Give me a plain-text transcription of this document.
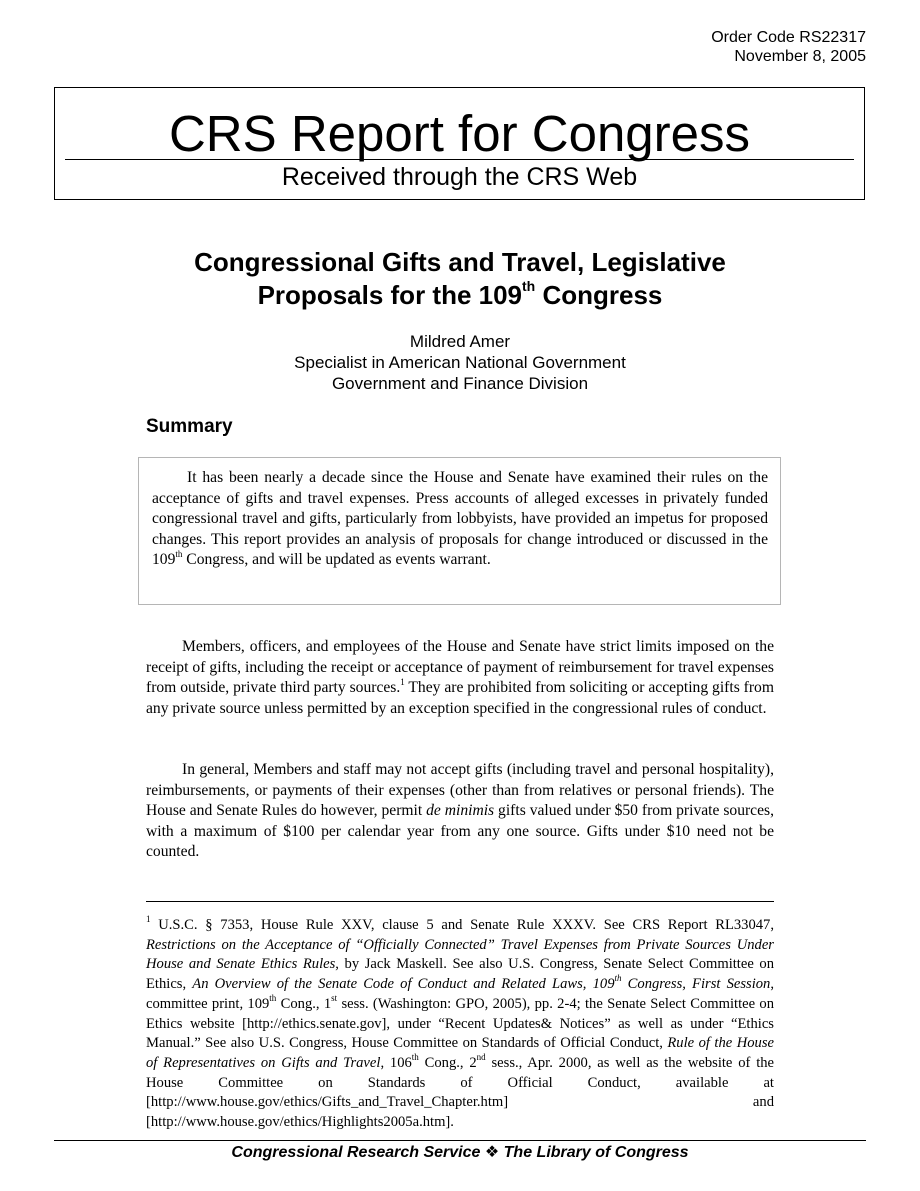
Order Code RS22317
November 8, 2005
CRS Report for Congress
Received through the CRS Web
Congressional Gifts and Travel, Legislative
Proposals for the 109th Congress
Mildred Amer
Specialist in American National Government
Government and Finance Division
Summary

It has been nearly a decade since the House and Senate have examined their rules on the acceptance of gifts and travel expenses. Press accounts of alleged excesses in privately funded congressional travel and gifts, particularly from lobbyists, have provided an impetus for proposed changes. This report provides an analysis of proposals for change introduced or discussed in the 109th Congress, and will be updated as events warrant.

Members, officers, and employees of the House and Senate have strict limits imposed on the receipt of gifts, including the receipt or acceptance of payment of reimbursement for travel expenses from outside, private third party sources.$^1$ They are prohibited from soliciting or accepting gifts from any private source unless permitted by an exception specified in the congressional rules of conduct.

In general, Members and staff may not accept gifts (including travel and personal hospitality), reimbursements, or payments of their expenses (other than from relatives or personal friends). The House and Senate Rules do however, permit de minimis gifts valued under $50 from private sources, with a maximum of $100 per calendar year from any one source. Gifts under $10 need not be counted.

$^1$ U.S.C. § 7353, House Rule XXV, clause 5 and Senate Rule XXXV. See CRS Report RL33047, Restrictions on the Acceptance of “Officially Connected” Travel Expenses from Private Sources Under House and Senate Ethics Rules, by Jack Maskell. See also U.S. Congress, Senate Select Committee on Ethics, An Overview of the Senate Code of Conduct and Related Laws, 109th Congress, First Session, committee print, 109th Cong., 1st sess. (Washington: GPO, 2005), pp. 2-4; the Senate Select Committee on Ethics website [http://ethics.senate.gov], under “Recent Updates& Notices” as well as under “Ethics Manual.” See also U.S. Congress, House Committee on Standards of Official Conduct, Rule of the House of Representatives on Gifts and Travel, 106th Cong., 2nd sess., Apr. 2000, as well as the website of the House Committee on Standards of Official Conduct, available at [http://www.house.gov/ethics/Gifts_and_Travel_Chapter.htm] and [http://www.house.gov/ethics/Highlights2005a.htm].

Congressional Research Service ❖ The Library of Congress
